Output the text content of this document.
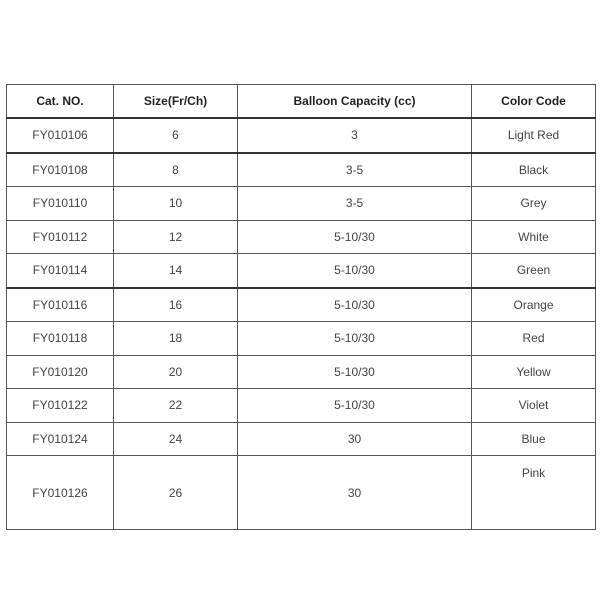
Cat. NO.	Size(Fr/Ch)	Balloon Capacity (cc)	Color Code
FY010106	6	3	Light Red
FY010108	8	3-5	Black
FY010110	10	3-5	Grey
FY010112	12	5-10/30	White
FY010114	14	5-10/30	Green
FY010116	16	5-10/30	Orange
FY010118	18	5-10/30	Red
FY010120	20	5-10/30	Yellow
FY010122	22	5-10/30	Violet
FY010124	24	30	Blue
FY010126	26	30	Pink
